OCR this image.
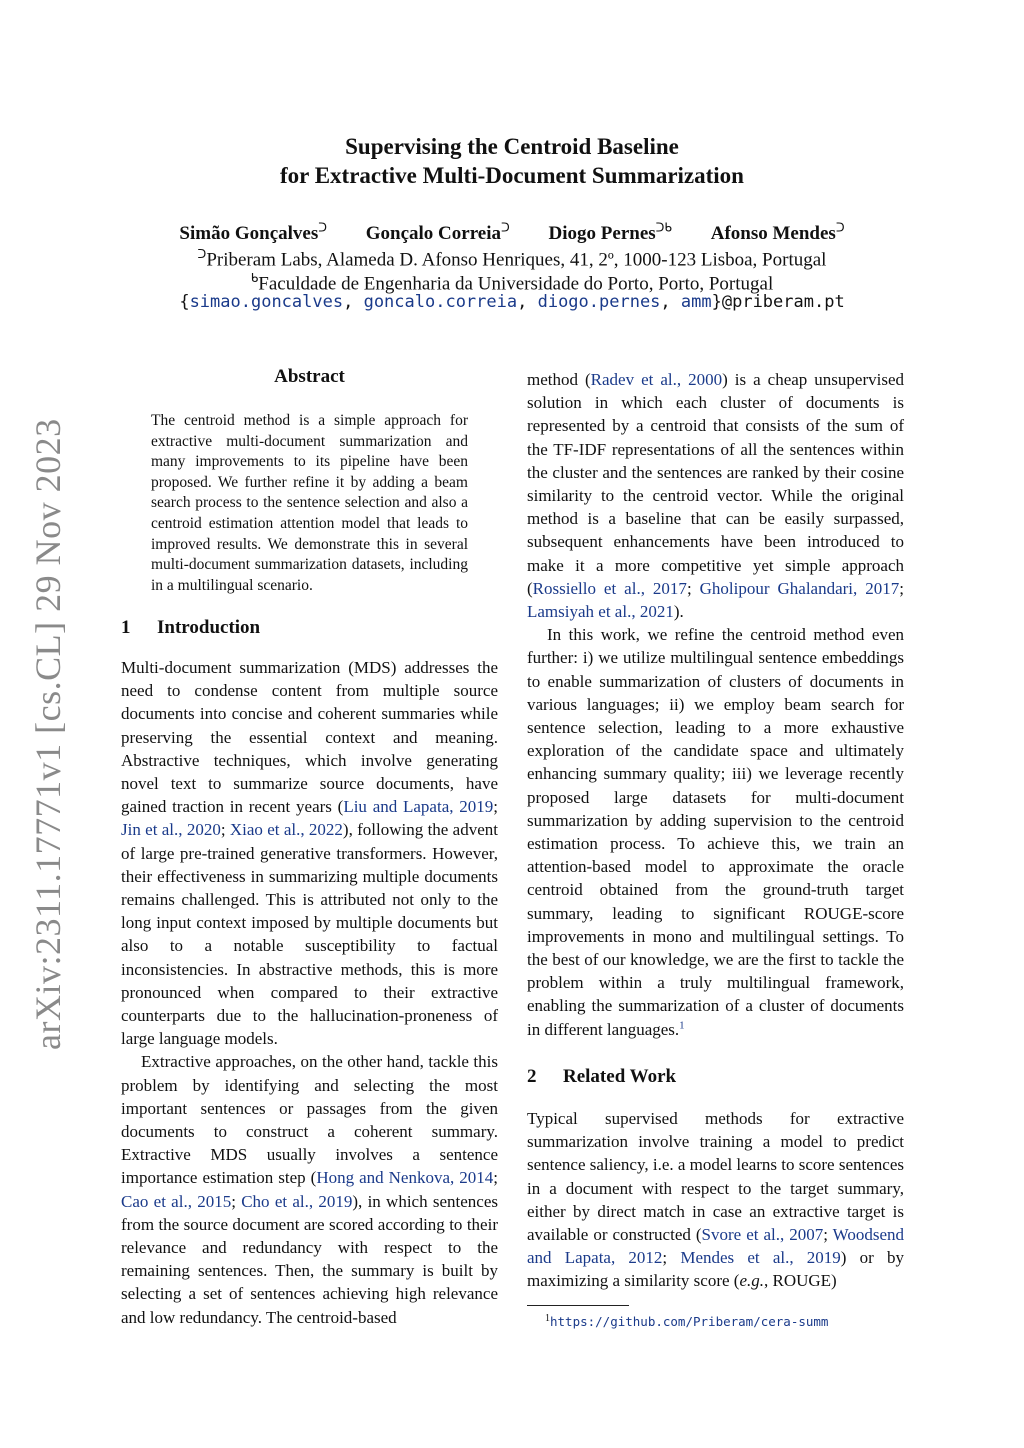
arXiv:2311.17771v1 [cs.CL] 29 Nov 2023
Supervising the Centroid Baseline
for Extractive Multi-Document Summarization
Simão Gonçalves$^ᑐ$ Gonçalo Correia$^ᑐ$ Diogo Pernes$^{ᑐᑲ}$ Afonso Mendes$^ᑐ$
$^ᑐ$Priberam Labs, Alameda D. Afonso Henriques, 41, 2º, 1000-123 Lisboa, Portugal
$^ᑲ$Faculdade de Engenharia da Universidade do Porto, Porto, Portugal
{simao.goncalves, goncalo.correia, diogo.pernes, amm}@priberam.pt
Abstract
The centroid method is a simple approach for extractive multi-document summarization and many improvements to its pipeline have been proposed. We further refine it by adding a beam search process to the sentence selection and also a centroid estimation attention model that leads to improved results. We demonstrate this in several multi-document summarization datasets, including in a multilingual scenario.
1 Introduction

Multi-document summarization (MDS) addresses the need to condense content from multiple source documents into concise and coherent summaries while preserving the essential context and meaning. Abstractive techniques, which involve generating novel text to summarize source documents, have gained traction in recent years (Liu and Lapata, 2019; Jin et al., 2020; Xiao et al., 2022), following the advent of large pre-trained generative transformers. However, their effectiveness in summarizing multiple documents remains challenged. This is attributed not only to the long input context imposed by multiple documents but also to a notable susceptibility to factual inconsistencies. In abstractive methods, this is more pronounced when compared to their extractive counterparts due to the hallucination-proneness of large language models.

Extractive approaches, on the other hand, tackle this problem by identifying and selecting the most important sentences or passages from the given documents to construct a coherent summary. Extractive MDS usually involves a sentence importance estimation step (Hong and Nenkova, 2014; Cao et al., 2015; Cho et al., 2019), in which sentences from the source document are scored according to their relevance and redundancy with respect to the remaining sentences. Then, the summary is built by selecting a set of sentences achieving high relevance and low redundancy. The centroid-based

method (Radev et al., 2000) is a cheap unsupervised solution in which each cluster of documents is represented by a centroid that consists of the sum of the TF-IDF representations of all the sentences within the cluster and the sentences are ranked by their cosine similarity to the centroid vector. While the original method is a baseline that can be easily surpassed, subsequent enhancements have been introduced to make it a more competitive yet simple approach (Rossiello et al., 2017; Gholipour Ghalandari, 2017; Lamsiyah et al., 2021).

In this work, we refine the centroid method even further: i) we utilize multilingual sentence embeddings to enable summarization of clusters of documents in various languages; ii) we employ beam search for sentence selection, leading to a more exhaustive exploration of the candidate space and ultimately enhancing summary quality; iii) we leverage recently proposed large datasets for multi-document summarization by adding supervision to the centroid estimation process. To achieve this, we train an attention-based model to approximate the oracle centroid obtained from the ground-truth target summary, leading to significant ROUGE-score improvements in mono and multilingual settings. To the best of our knowledge, we are the first to tackle the problem within a truly multilingual framework, enabling the summarization of a cluster of documents in different languages.$^1$

2 Related Work

Typical supervised methods for extractive summarization involve training a model to predict sentence saliency, i.e. a model learns to score sentences in a document with respect to the target summary, either by direct match in case an extractive target is available or constructed (Svore et al., 2007; Woodsend and Lapata, 2012; Mendes et al., 2019) or by maximizing a similarity score (e.g., ROUGE)

$^1$https://github.com/Priberam/cera-summ
